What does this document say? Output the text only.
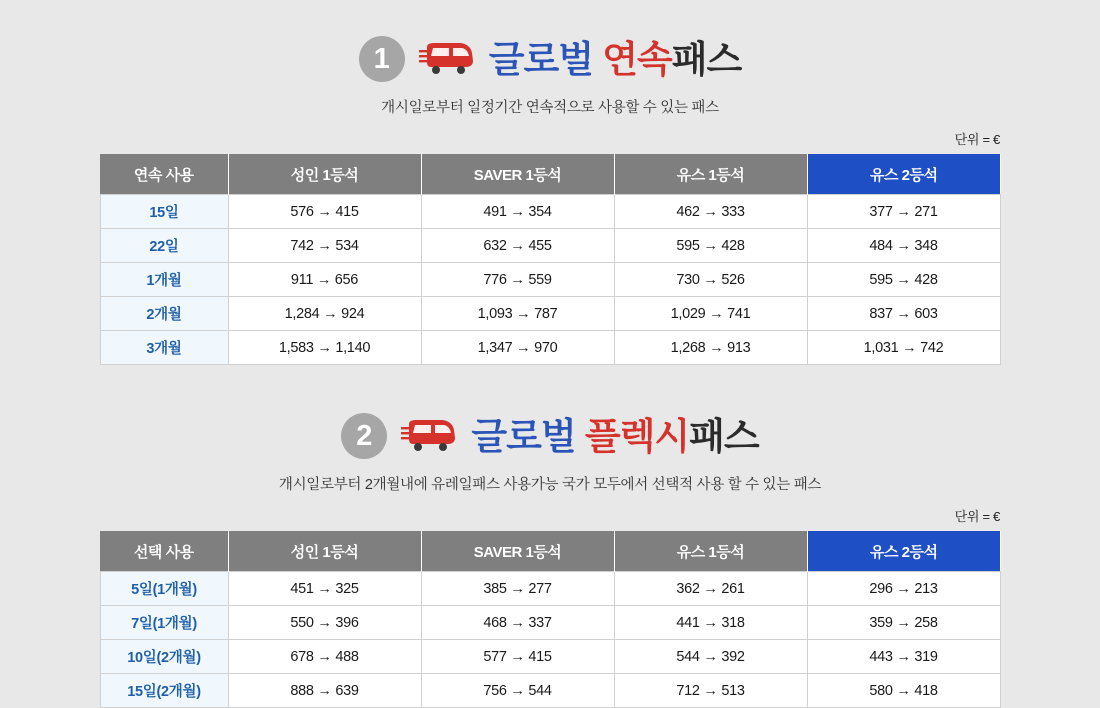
1	글로벌 연속패스
개시일로부터 일정기간 연속적으로 사용할 수 있는 패스
단위 = €
연속 사용	성인 1등석	SAVER 1등석	유스 1등석	유스 2등석
15일	576 → 415	491 → 354	462 → 333	377 → 271
22일	742 → 534	632 → 455	595 → 428	484 → 348
1개월	911 → 656	776 → 559	730 → 526	595 → 428
2개월	1,284 → 924	1,093 → 787	1,029 → 741	837 → 603
3개월	1,583 → 1,140	1,347 → 970	1,268 → 913	1,031 → 742
2	글로벌 플렉시패스
개시일로부터 2개월내에 유레일패스 사용가능 국가 모두에서 선택적 사용 할 수 있는 패스
단위 = €
선택 사용	성인 1등석	SAVER 1등석	유스 1등석	유스 2등석
5일(1개월)	451 → 325	385 → 277	362 → 261	296 → 213
7일(1개월)	550 → 396	468 → 337	441 → 318	359 → 258
10일(2개월)	678 → 488	577 → 415	544 → 392	443 → 319
15일(2개월)	888 → 639	756 → 544	712 → 513	580 → 418
